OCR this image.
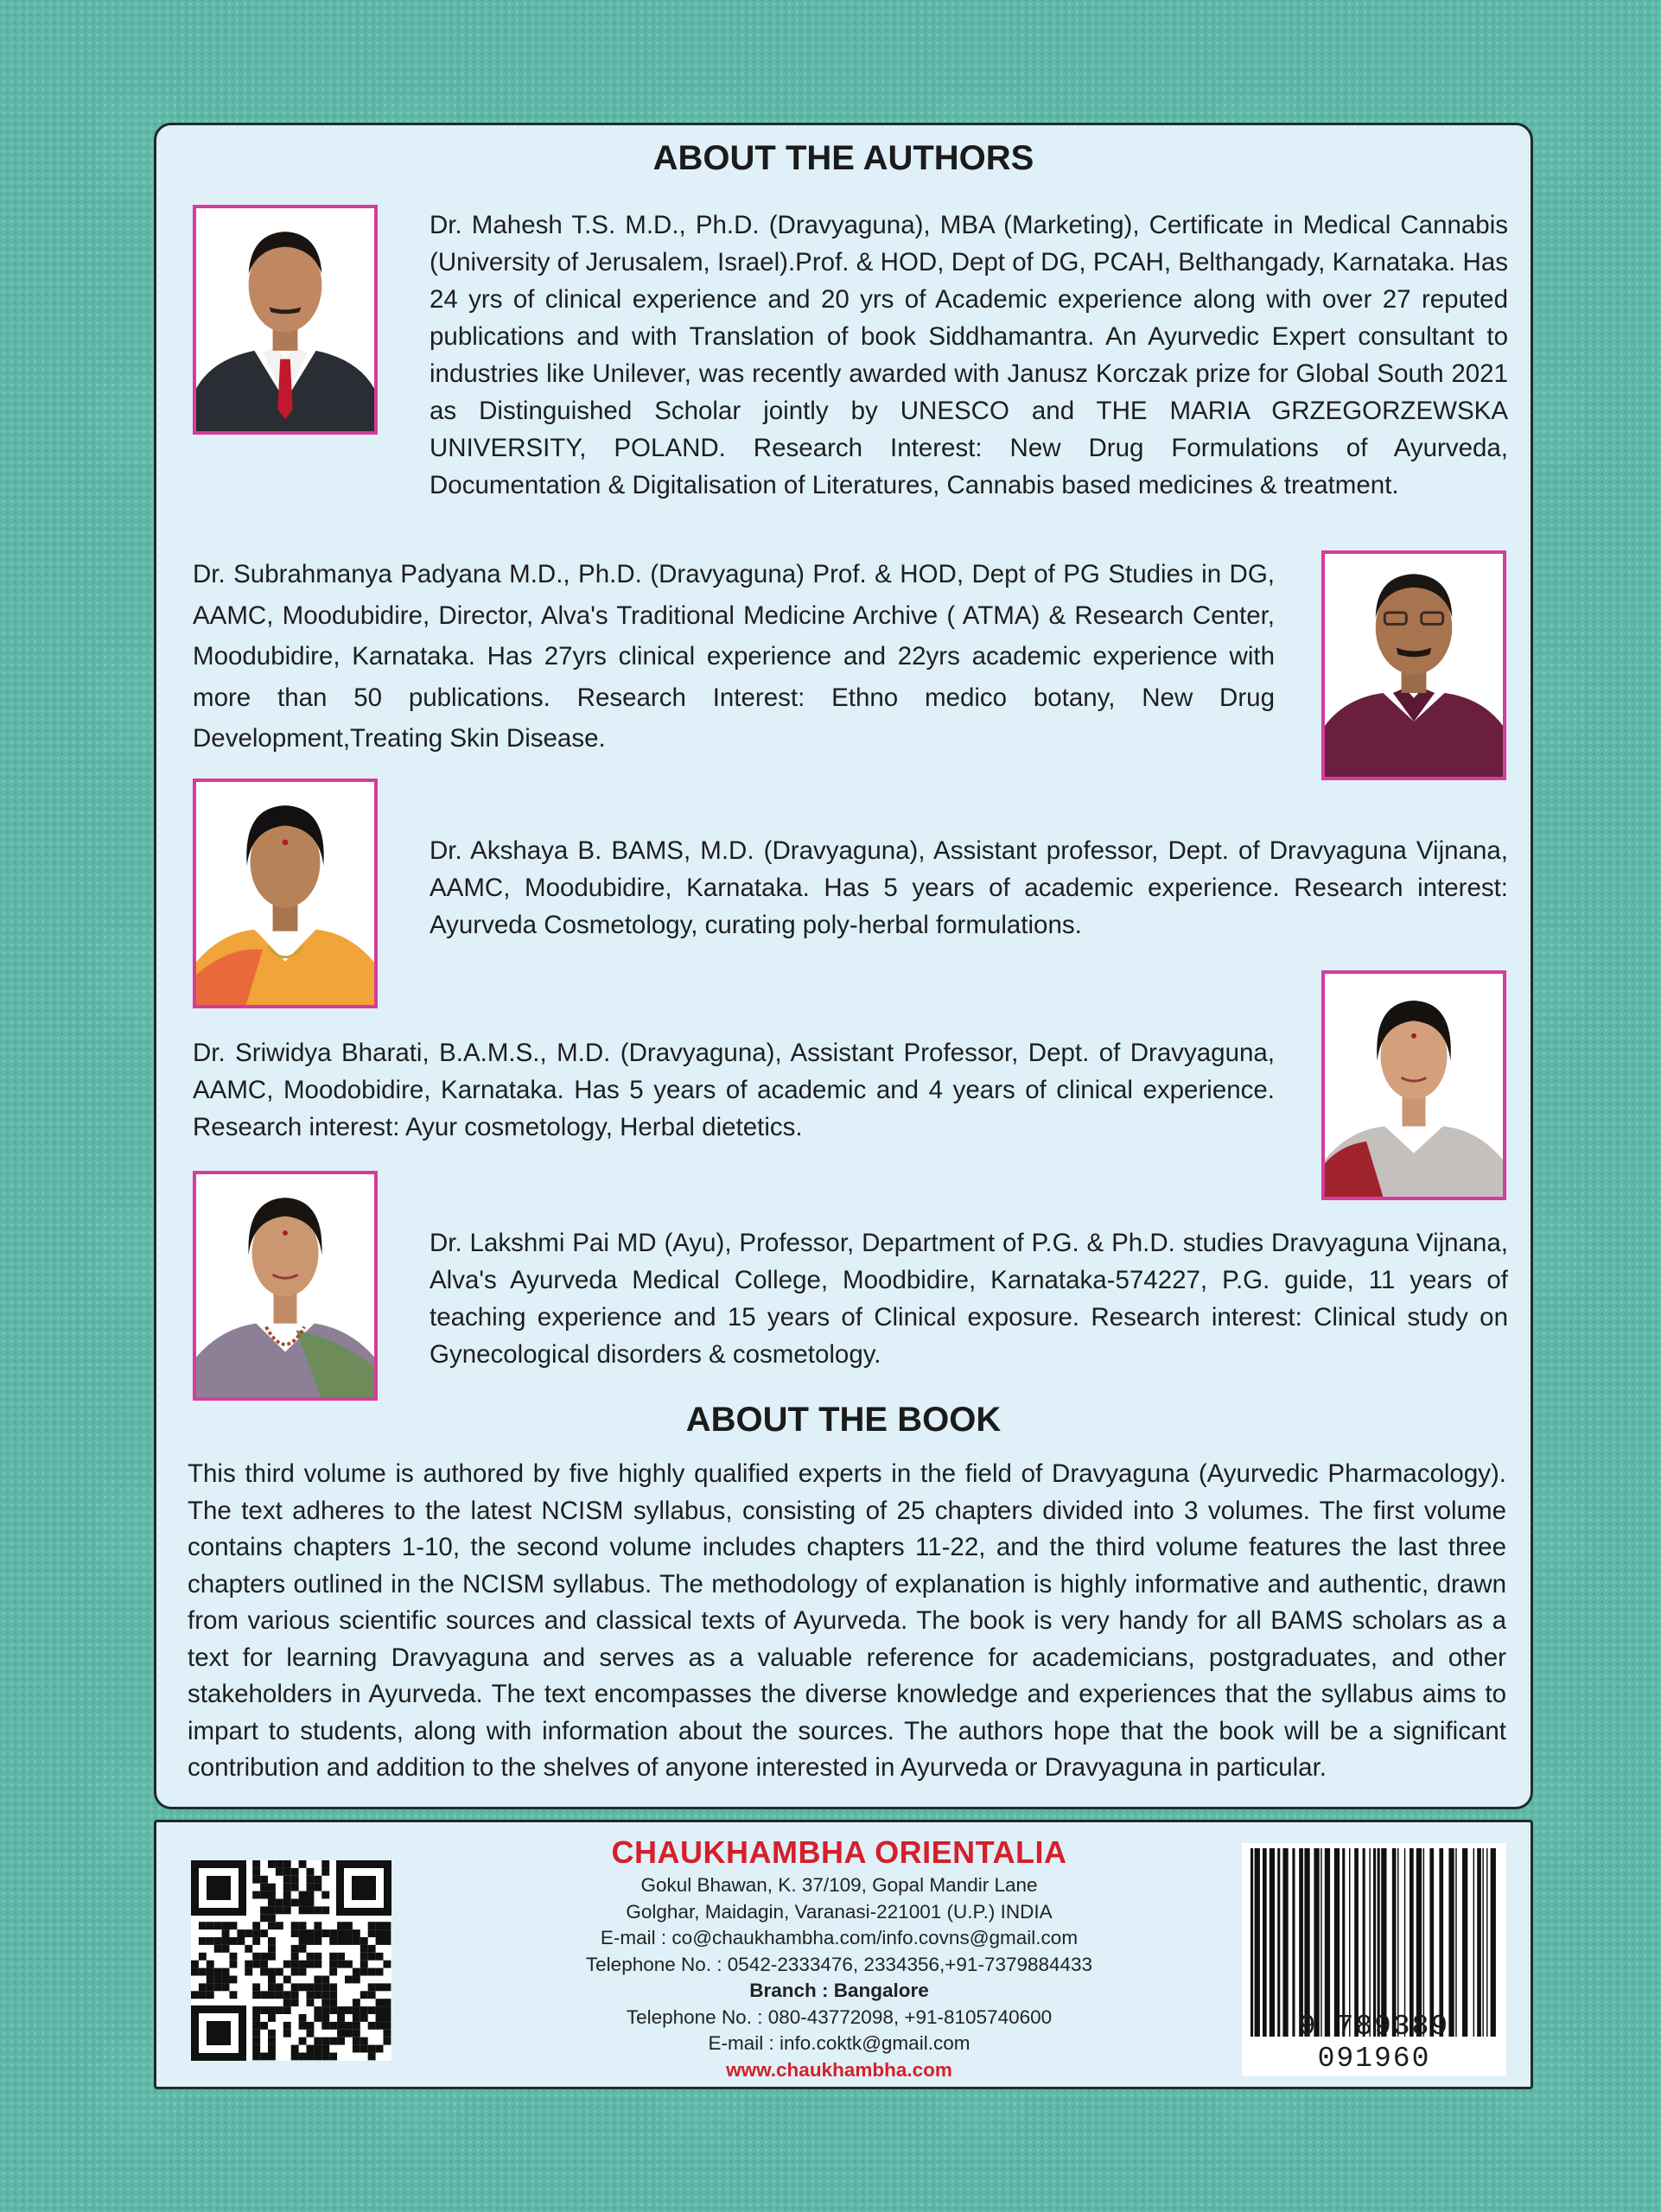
ABOUT THE AUTHORS
Dr. Mahesh T.S. M.D., Ph.D. (Dravyaguna), MBA (Marketing), Certificate in Medical Cannabis (University of Jerusalem, Israel).Prof. & HOD, Dept of DG, PCAH, Belthangady, Karnataka. Has 24 yrs of clinical experience and 20 yrs of Academic experience along with over 27 reputed publications and with Translation of book Siddhamantra. An Ayurvedic Expert consultant to industries like Unilever, was recently awarded with Janusz Korczak prize for Global South 2021 as Distinguished Scholar jointly by UNESCO and THE MARIA GRZEGORZEWSKA UNIVERSITY, POLAND. Research Interest: New Drug Formulations of Ayurveda, Documentation & Digitalisation of Literatures, Cannabis based medicines & treatment.
Dr. Subrahmanya Padyana M.D., Ph.D. (Dravyaguna) Prof. & HOD, Dept of PG Studies in DG, AAMC, Moodubidire, Director, Alva's Traditional Medicine Archive ( ATMA) & Research Center, Moodubidire, Karnataka. Has 27yrs clinical experience and 22yrs academic experience with more than 50 publications. Research Interest: Ethno medico botany, New Drug Development,Treating Skin Disease.
Dr. Akshaya B. BAMS, M.D. (Dravyaguna), Assistant professor, Dept. of Dravyaguna Vijnana, AAMC, Moodubidire, Karnataka. Has 5 years of academic experience. Research interest: Ayurveda Cosmetology, curating poly-herbal formulations.
Dr. Sriwidya Bharati, B.A.M.S., M.D. (Dravyaguna), Assistant Professor, Dept. of Dravyaguna, AAMC, Moodobidire, Karnataka. Has 5 years of academic and 4 years of clinical experience. Research interest: Ayur cosmetology, Herbal dietetics.
Dr. Lakshmi Pai MD (Ayu), Professor, Department of P.G. & Ph.D. studies Dravyaguna Vijnana, Alva's Ayurveda Medical College, Moodbidire, Karnataka-574227, P.G. guide, 11 years of teaching experience and 15 years of Clinical exposure. Research interest: Clinical study on Gynecological disorders & cosmetology.
ABOUT THE BOOK
This third volume is authored by five highly qualified experts in the field of Dravyaguna (Ayurvedic Pharmacology). The text adheres to the latest NCISM syllabus, consisting of 25 chapters divided into 3 volumes. The first volume contains chapters 1-10, the second volume includes chapters 11-22, and the third volume features the last three chapters outlined in the NCISM syllabus. The methodology of explanation is highly informative and authentic, drawn from various scientific sources and classical texts of Ayurveda. The book is very handy for all BAMS scholars as a text for learning Dravyaguna and serves as a valuable reference for academicians, postgraduates, and other stakeholders in Ayurveda. The text encompasses the diverse knowledge and experiences that the syllabus aims to impart to students, along with information about the sources. The authors hope that the book will be a significant contribution and addition to the shelves of anyone interested in Ayurveda or Dravyaguna in particular.
CHAUKHAMBHA ORIENTALIA
Gokul Bhawan, K. 37/109, Gopal Mandir Lane
Golghar, Maidagin, Varanasi-221001 (U.P.) INDIA
E-mail : co@chaukhambha.com/info.covns@gmail.com
Telephone No. : 0542-2333476, 2334356,+91-7379884433
Branch : Bangalore
Telephone No. : 080-43772098, +91-8105740600
E-mail : info.coktk@gmail.com
www.chaukhambha.com
9 789389 091960
